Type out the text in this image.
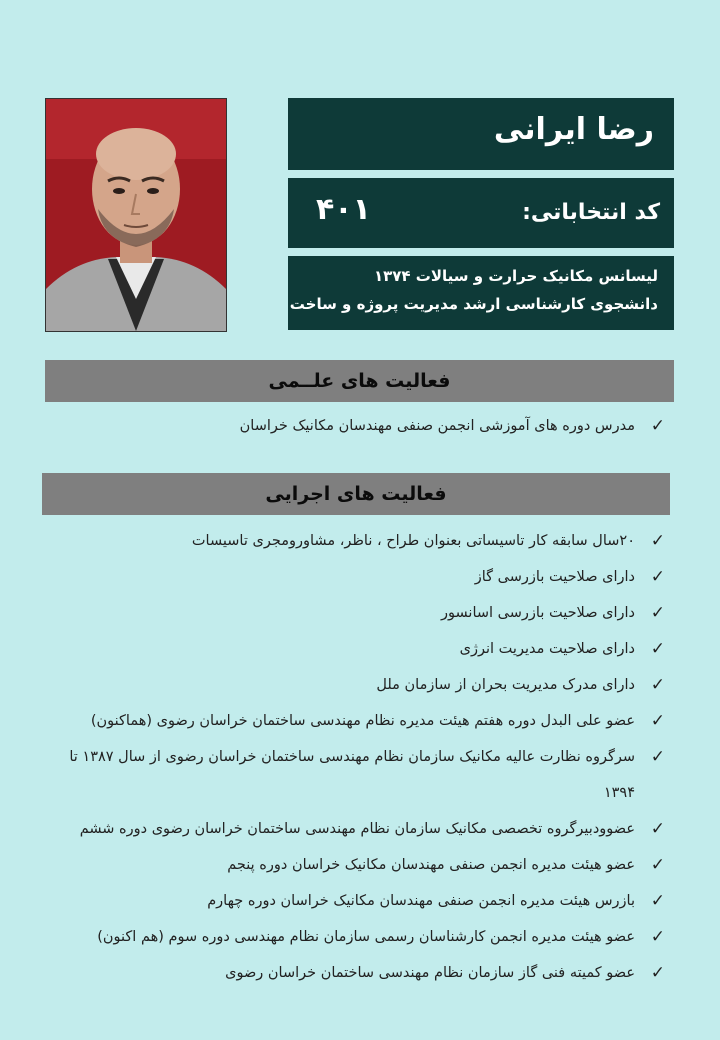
رضا ایرانی
کد انتخاباتی:
۴۰۱
لیسانس مکانیک حرارت و سیالات ۱۳۷۴
دانشجوی کارشناسی ارشد مدیریت پروژه و ساخت
فعالیت های علــمی
✓
مدرس دوره های آموزشی انجمن صنفی مهندسان مکانیک خراسان
فعالیت های اجرایی
✓
۲۰سال سابقه کار تاسیساتی بعنوان طراح ، ناظر، مشاورومجری تاسیسات
✓
دارای صلاحیت بازرسی گاز
✓
دارای صلاحیت بازرسی اسانسور
✓
دارای صلاحیت مدیریت انرژی
✓
دارای مدرک مدیریت بحران از سازمان ملل
✓
عضو علی البدل دوره هفتم هیئت مدیره نظام مهندسی ساختمان خراسان رضوی (هماکنون)
✓
سرگروه نظارت عالیه مکانیک سازمان نظام مهندسی ساختمان خراسان رضوی از سال ۱۳۸۷ تا ۱۳۹۴
✓
عضوودبیرگروه تخصصی مکانیک سازمان نظام مهندسی ساختمان خراسان رضوی دوره ششم
✓
عضو هیئت مدیره انجمن صنفی مهندسان مکانیک خراسان دوره پنجم
✓
بازرس هیئت مدیره انجمن صنفی مهندسان مکانیک خراسان دوره چهارم
✓
عضو هیئت مدیره انجمن کارشناسان رسمی سازمان نظام مهندسی دوره سوم (هم اکنون)
✓
عضو کمیته فنی گاز سازمان نظام مهندسی ساختمان خراسان رضوی
